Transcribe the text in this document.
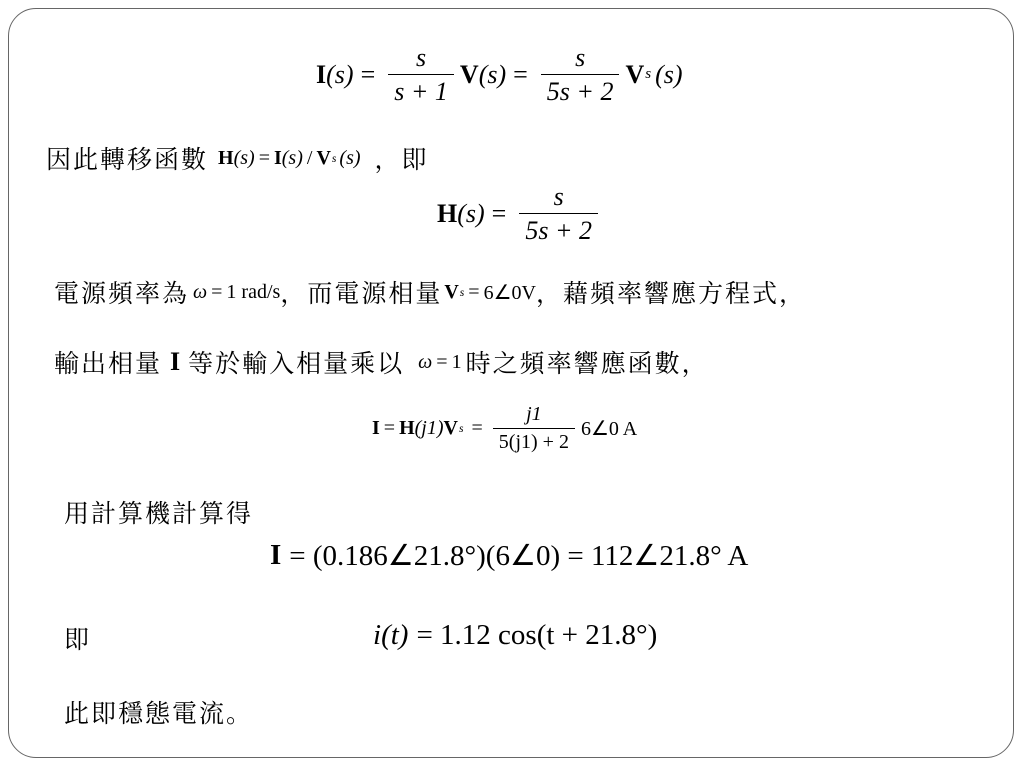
I $(s) = \frac{s}{s + 1}$ V $(s) = \frac{s}{5s + 2}$ V s (s)
因此轉移函數 H (s) = I (s) / V s (s) ，即
H $(s) = \frac{s}{5s + 2}$
電源頻率為 ω = 1 rad/s ，而電源相量 V s = 6∠0V ，藉頻率響應方程式，
輸出相量 I 等於輸入相量乘以 ω = 1 時之頻率響應函數，
I = H (j1) V $s = \frac{j1}{5(j1) + 2}$ 6∠0 A
用計算機計算得
I = (0.186∠21.8°)(6∠0) = 112∠21.8° A
即	i (t) = 1.12 cos(t + 21.8°)
此即穩態電流。
